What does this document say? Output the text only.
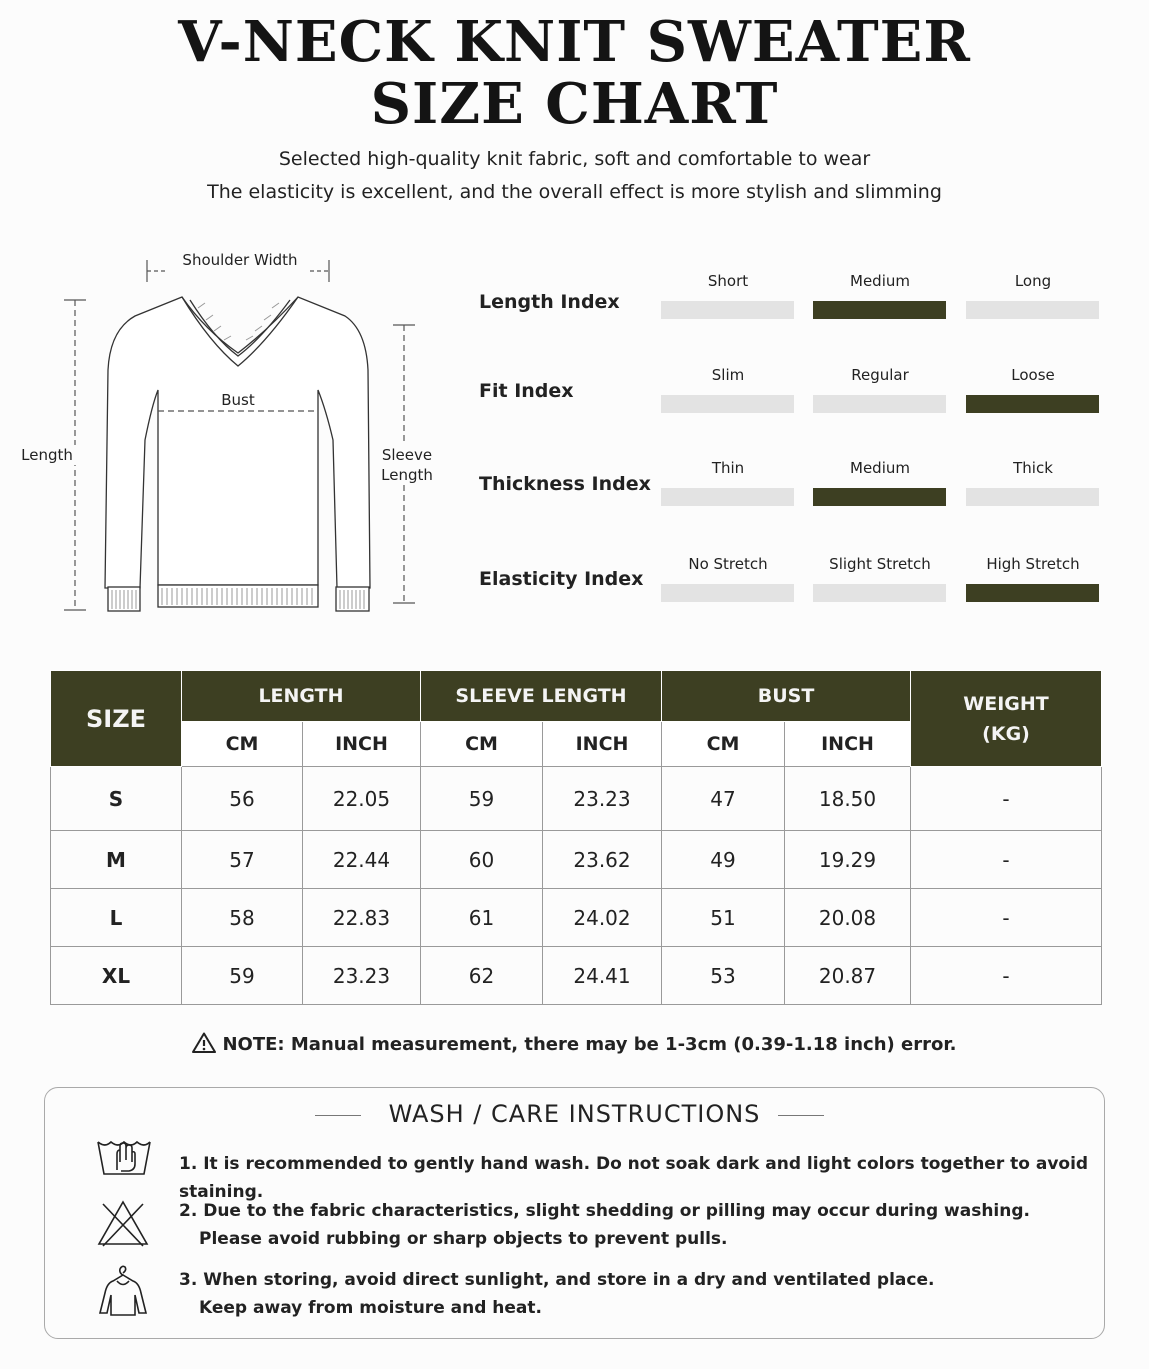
V-NECK KNIT SWEATER
SIZE CHART
Selected high-quality knit fabric, soft and comfortable to wear
The elasticity is excellent, and the overall effect is more stylish and slimming
Shoulder Width
Bust
Length	Sleeve
Length
Length Index
Short	Medium	Long
Fit Index
Slim	Regular	Loose
Thickness Index
Thin	Medium	Thick
Elasticity Index
No Stretch	Slight Stretch	High Stretch
SIZE	LENGTH		SLEEVE LENGTH		BUST		WEIGHT
(KG)

	CM	INCH	CM	INCH	CM	INCH	
S	56	22.05	59	23.23	47	18.50	-
M	57	22.44	60	23.62	49	19.29	-
L	58	22.83	61	24.02	51	20.08	-
XL	59	23.23	62	24.41	53	20.87	-
NOTE: Manual measurement, there may be 1-3cm (0.39-1.18 inch) error.
WASH / CARE INSTRUCTIONS
1. It is recommended to gently hand wash. Do not soak dark and light colors together to avoid staining.
2. Due to the fabric characteristics, slight shedding or pilling may occur during washing.
Please avoid rubbing or sharp objects to prevent pulls.
3. When storing, avoid direct sunlight, and store in a dry and ventilated place.
Keep away from moisture and heat.
